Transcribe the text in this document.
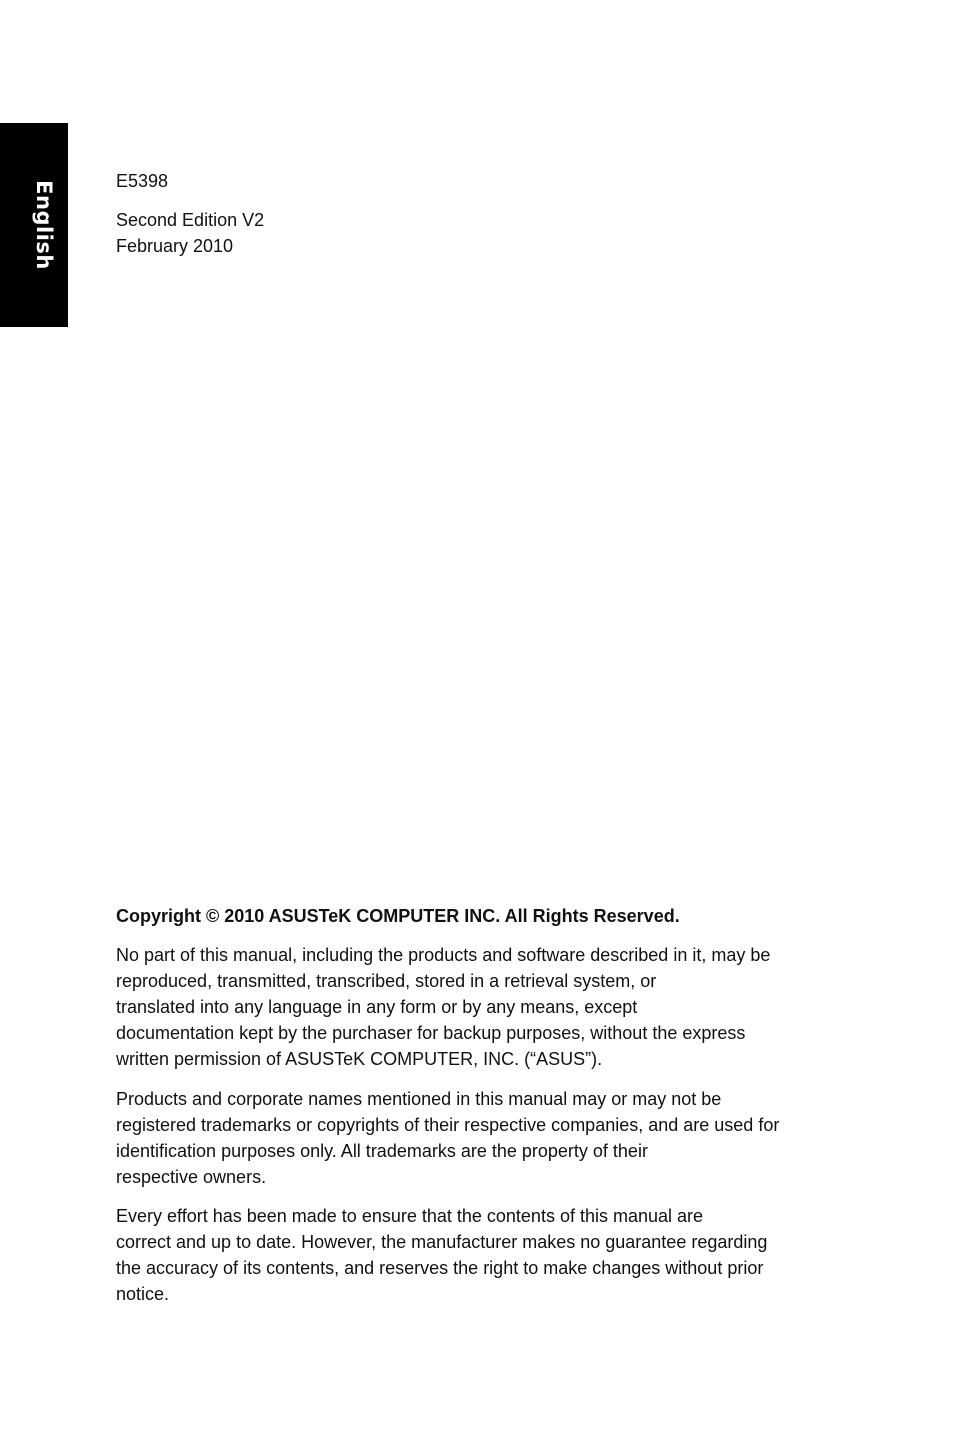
English	E5398
Second Edition V2
February 2010
Copyright © 2010 ASUSTeK COMPUTER INC. All Rights Reserved.
No part of this manual, including the products and software described in it, may be
reproduced, transmitted, transcribed, stored in a retrieval system, or
translated into any language in any form or by any means, except
documentation kept by the purchaser for backup purposes, without the express
written permission of ASUSTeK COMPUTER, INC. (“ASUS”).
Products and corporate names mentioned in this manual may or may not be
registered trademarks or copyrights of their respective companies, and are used for
identification purposes only. All trademarks are the property of their
respective owners.
Every effort has been made to ensure that the contents of this manual are
correct and up to date. However, the manufacturer makes no guarantee regarding
the accuracy of its contents, and reserves the right to make changes without prior
notice.
